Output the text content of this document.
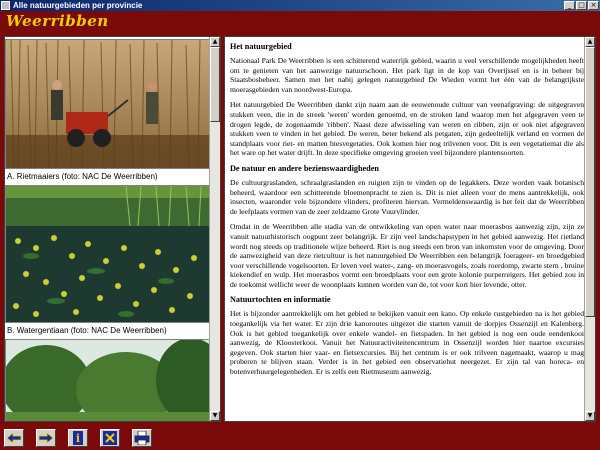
Alle natuurgebieden per provincie	_ □ ×
Weerribben
A. Rietmaaiers (foto: NAC De Weerribben)
B. Watergentiaan (foto: NAC De Weerribben)
▲
▼
Het natuurgebied

Nationaal Park De Weerribben is een schitterend waterrijk gebied, waarin u veel verschillende mogelijkheden heeft om te genieten van het aanwezige natuurschoon. Het park ligt in de kop van Overijssel en is in beheer bij Staatsbosbeheer. Samen met het nabij gelegen natuurgebied De Wieden vormt het één van de belangrijkste moerasgebieden van noordwest-Europa.

Het natuurgebied De Weerribben dankt zijn naam aan de eeuwenoude cultuur van veenafgraving: de uitgegraven stukken veen, die in de streek 'weren' worden genoemd, en de stroken land waarop men het afgegraven veen te drogen legde, de zogenaamde 'ribben'. Naast deze afwisseling van weren en ribben, zijn er ook niet afgegraven stukken veen te vinden in het gebied. De weren, beter bekend als petgaten, zijn gedeeltelijk verland en vormen de standplaats voor riet- en matten biesvegetaties. Ook komen hier nog trilvenen voor. Dit is een vegetatiemat die als het ware op het water drijft. In deze specifieke omgeving groeien veel bijzondere plantensoorten.

De natuur en andere bezienswaardigheden

De cultuurgraslanden, schraalgraslanden en ruigten zijn te vinden op de legakkers. Deze worden vaak botanisch beheerd, waardoor een schitterende bloemenpracht te zien is. Dit is niet alleen voor de mens aantrekkelijk, ook insecten, waaronder vele bijzondere vlinders, profiteren hiervan. Vermeldenswaardig is het feit dat de Weerribben de leefplaats vormen van de zeer zeldzame Grote Vuurvlinder.

Omdat in de Weerribben alle stadia van de ontwikkeling van open water naar moerasbos aanwezig zijn, zijn ze vanuit natuurhistorisch oogpunt zeer belangrijk. Er zijn veel landschapstypen in het gebied aanwezig. Het rietland wordt nog steeds op traditionele wijze beheerd. Riet is nog steeds een bron van inkomsten voor de omgeving. Door de aanwezigheid van deze rietcultuur is het natuurgebied De Weerribben een belangrijk foerageer- en broedgebied voor verschillende vogelsoorten. Er leven veel water-, zang- en moerasvogels, zoals roerdomp, zwarte stern , bruine kiekendief en wulp. Het moerasbos vormt een broedplaats voor een grote kolonie purperreigers. Het gebied zou in de toekomst wellicht weer de woonplaats kunnen worden van de, tot voor kort hier levende, otter.

Natuurtochten en informatie

Het is bijzonder aantrekkelijk om het gebied te bekijken vanuit een kano. Op enkele rustgebieden na is het gebied toegankelijk via het water. Er zijn drie kanoroutes uitgezet die starten vanuit de dorpjes Ossenzijl en Kalenberg. Ook is het gebied toegankelijk over enkele wandel- en fietspaden. In het gebied is nog een oude eendenkooi aanwezig, de Kloosterkooi. Vanuit het Natuuractiviteitencentrum in Ossenzijl worden hier naartoe excursies gegeven. Ook starten hier vaar- en fietsexcursies. Bij het centrum is er ook trilveen nagemaakt, waarop u mag proberen te blijven staan. Verder is in het gebied een observatiehut neergezet. Er zijn tal van horeca- en botenverhuurgelegenheden. Er is zelfs een Rietmuseum aanwezig.

▲
▼
i
